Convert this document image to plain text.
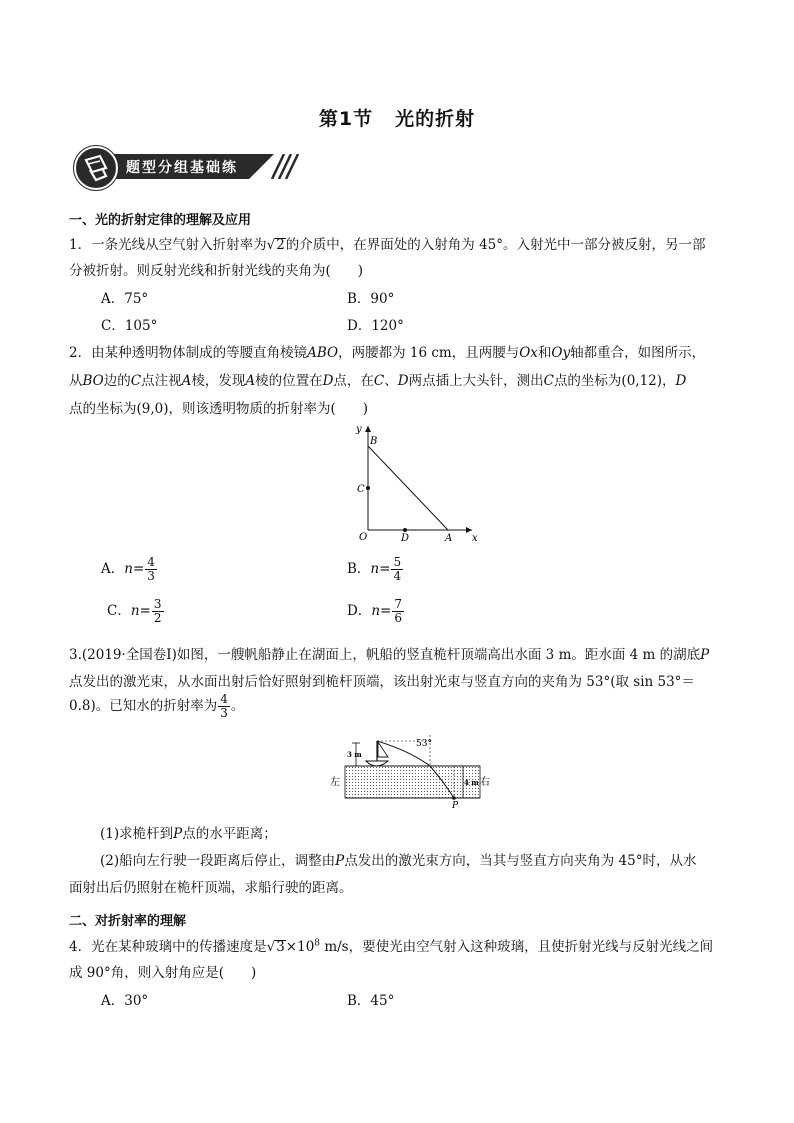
第1节 光的折射
题型分组基础练
一、光的折射定律的理解及应用
1．一条光线从空气射入折射率为√2的介质中，在界面处的入射角为 45°。入射光中一部分被反射，另一部
分被折射。则反射光线和折射光线的夹角为(　　)
A．75°	B．90°
C．105°	D．120°
2．由某种透明物体制成的等腰直角棱镜ABO，两腰都为 16 cm，且两腰与Ox和Oy轴都重合，如图所示，
从BO边的C点注视A棱，发现A棱的位置在D点，在C、D两点插上大头针，测出C点的坐标为(0,12)，D
点的坐标为(9,0)，则该透明物质的折射率为(　　)
y
x
B
C
O	D	A
A．$n= \frac{4}{3}$	B．$n= \frac{5}{4}$
C．$n= \frac{3}{2}$	D．$n= \frac{7}{6}$
3.(2019·全国卷Ⅰ)如图，一艘帆船静止在湖面上，帆船的竖直桅杆顶端高出水面 3 m。距水面 4 m 的湖底P
点发出的激光束，从水面出射后恰好照射到桅杆顶端，该出射光束与竖直方向的夹角为 53°(取 sin 53°＝
0.8)。已知水的折射率为 $\frac{4}{3}$ 。
53°
3 m
4 m
左	右
P
(1)求桅杆到P点的水平距离；
(2)船向左行驶一段距离后停止，调整由P点发出的激光束方向，当其与竖直方向夹角为 45°时，从水
面射出后仍照射在桅杆顶端，求船行驶的距离。
二、对折射率的理解
4．光在某种玻璃中的传播速度是$√3\times 10^8$ m/s，要使光由空气射入这种玻璃，且使折射光线与反射光线之间
成 90°角，则入射角应是(　　)
A．30°	B．45°
